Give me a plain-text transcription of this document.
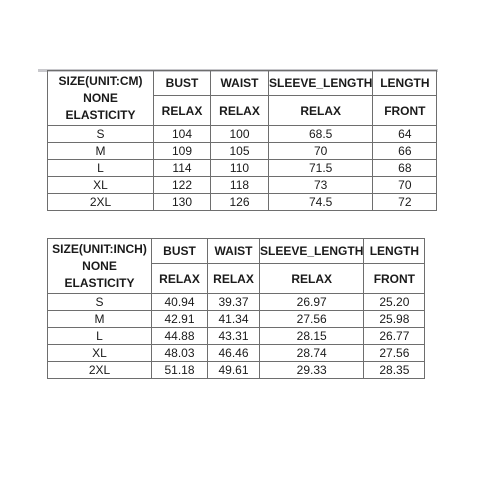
SIZE(UNIT:CM)
NONE
ELASTICITY	BUST	WAIST	SLEEVE_LENGTH	LENGTH
	RELAX	RELAX	RELAX	FRONT
S	104	100	68.5	64
M	109	105	70	66
L	114	110	71.5	68
XL	122	118	73	70
2XL	130	126	74.5	72
SIZE(UNIT:INCH)
NONE
ELASTICITY	BUST	WAIST	SLEEVE_LENGTH	LENGTH
	RELAX	RELAX	RELAX	FRONT
S	40.94	39.37	26.97	25.20
M	42.91	41.34	27.56	25.98
L	44.88	43.31	28.15	26.77
XL	48.03	46.46	28.74	27.56
2XL	51.18	49.61	29.33	28.35
